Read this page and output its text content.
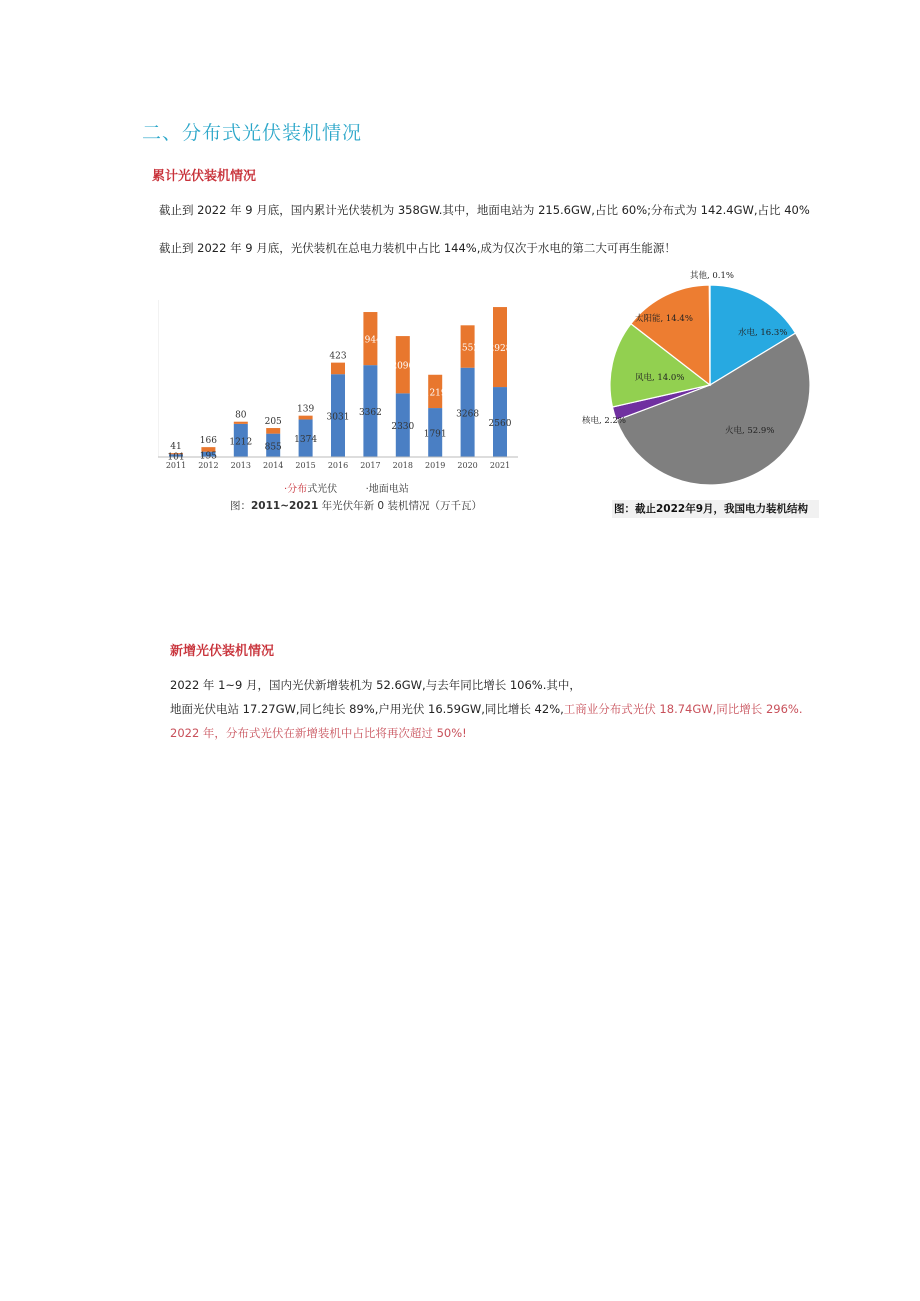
二、分布式光伏装机情况
累计光伏装机情况
截止到 2022 年 9 月底，国内累计光伏装机为 358GW.其中，地面电站为 215.6GW,占比 60%;分布式为 142.4GW,占比 40%
截止到 2022 年 9 月底，光伏装机在总电力装机中占比 144%,成为仅次于水电的第二大可再生能源！
101
41
195
166 1212
80
855
205
1374
139
3031
423
3362
1944
2330
2096
1791
1219
3268
1552
2560
2928
2011 2012 2013 2014 2015 2016 2017 2018 2019 2020 2021
·分布式光伏	·地面电站
图：2011~2021 年光伏年新 0 装机情况（万千瓦）
水电, 16.3%
火电, 52.9%
核电, 2.2%
风电, 14.0%
太阳能, 14.4%
其他, 0.1%
图：截止2022年9月，我国电力装机结构
新增光伏装机情况
2022 年 1~9 月，国内光伏新增装机为 52.6GW,与去年同比增长 106%.其中，
地面光伏电站 17.27GW,同匕纯长 89%,户用光伏 16.59GW,同比增长 42%,工商业分布式光伏 18.74GW,同比增长 296%.
2022 年，分布式光伏在新增装机中占比将再次超过 50%!
